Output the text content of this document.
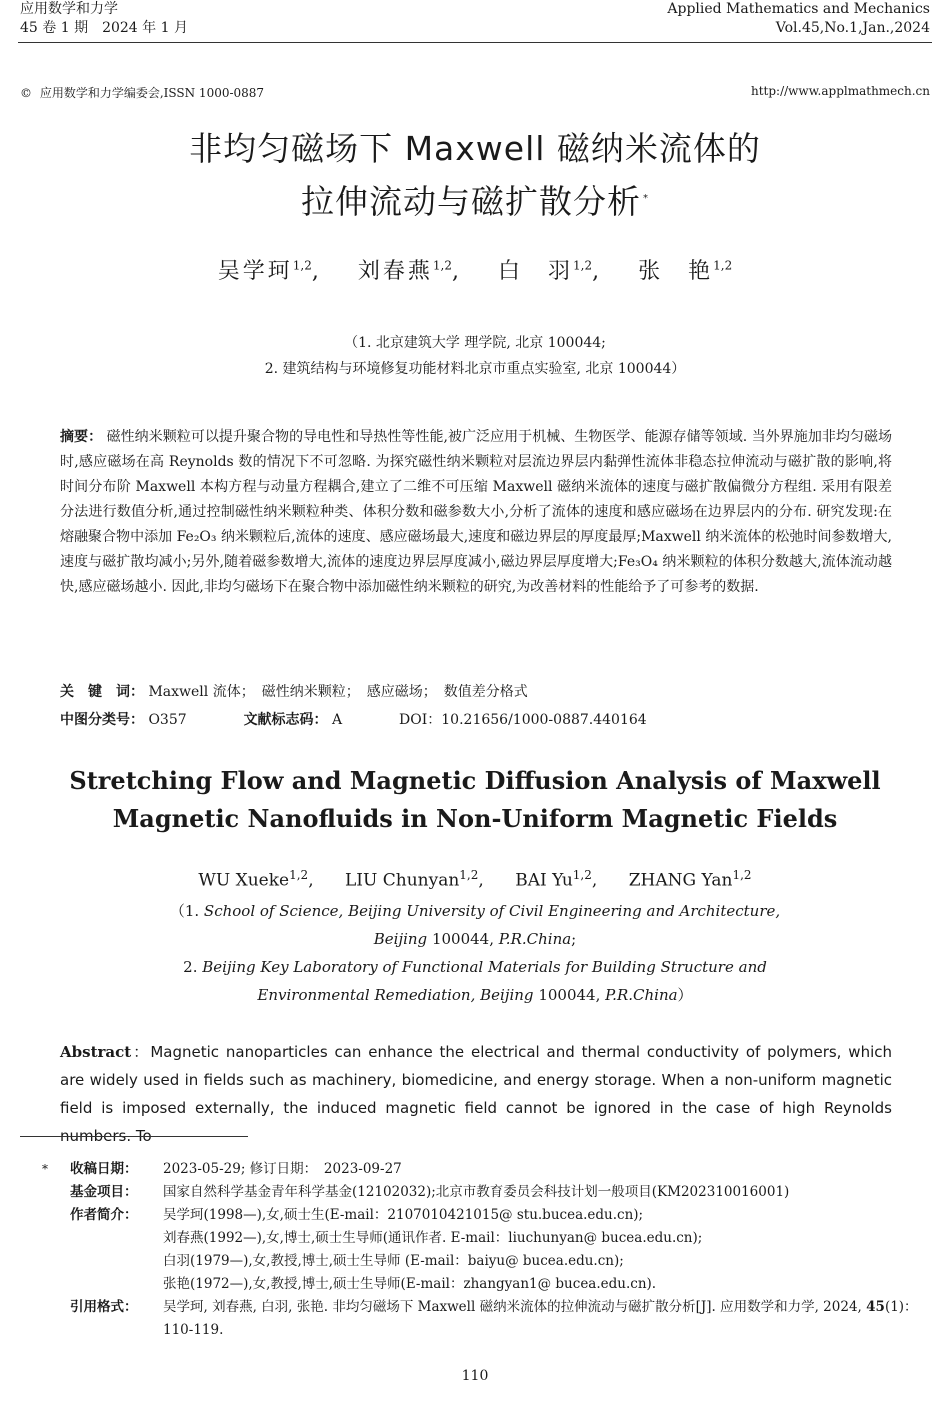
应用数学和力学
45 卷 1 期　2024 年 1 月
Applied Mathematics and Mechanics
Vol.45,No.1,Jan.,2024
© 应用数学和力学编委会,ISSN 1000-0887	http://www.applmathmech.cn
非均匀磁场下 Maxwell 磁纳米流体的
拉伸流动与磁扩散分析 *
吴学珂$^{1,2}$, 刘春燕$^{1,2}$, 白　羽$^{1,2}$, 张　艳$^{1,2}$
（1. 北京建筑大学 理学院, 北京 100044;
2. 建筑结构与环境修复功能材料北京市重点实验室, 北京 100044）
摘要： 磁性纳米颗粒可以提升聚合物的导电性和导热性等性能,被广泛应用于机械、生物医学、能源存储等领域. 当外界施加非均匀磁场时,感应磁场在高 Reynolds 数的情况下不可忽略. 为探究磁性纳米颗粒对层流边界层内黏弹性流体非稳态拉伸流动与磁扩散的影响,将时间分布阶 Maxwell 本构方程与动量方程耦合,建立了二维不可压缩 Maxwell 磁纳米流体的速度与磁扩散偏微分方程组. 采用有限差分法进行数值分析,通过控制磁性纳米颗粒种类、体积分数和磁参数大小,分析了流体的速度和感应磁场在边界层内的分布. 研究发现:在熔融聚合物中添加 Fe₂O₃ 纳米颗粒后,流体的速度、感应磁场最大,速度和磁边界层的厚度最厚;Maxwell 纳米流体的松弛时间参数增大,速度与磁扩散均减小;另外,随着磁参数增大,流体的速度边界层厚度减小,磁边界层厚度增大;Fe₃O₄ 纳米颗粒的体积分数越大,流体流动越快,感应磁场越小. 因此,非均匀磁场下在聚合物中添加磁性纳米颗粒的研究,为改善材料的性能给予了可参考的数据.
关　键　词： Maxwell 流体；　磁性纳米颗粒；　感应磁场；　数值差分格式
中图分类号： O357	文献标志码： A	DOI：10.21656/1000-0887.440164
Stretching Flow and Magnetic Diffusion Analysis of Maxwell
Magnetic Nanofluids in Non-Uniform Magnetic Fields
WU Xueke$^{1,2}$, LIU Chunyan$^{1,2}$, BAI Yu$^{1,2}$, ZHANG Yan$^{1,2}$
（1. School of Science, Beijing University of Civil Engineering and Architecture,
Beijing 100044, P.R.China;
2. Beijing Key Laboratory of Functional Materials for Building Structure and
Environmental Remediation, Beijing 100044, P.R.China）
Abstract：Magnetic nanoparticles can enhance the electrical and thermal conductivity of polymers, which are widely used in fields such as machinery, biomedicine, and energy storage. When a non-uniform magnetic field is imposed externally, the induced magnetic field cannot be ignored in the case of high Reynolds numbers. To
*	收稿日期：	2023-05-29; 修订日期：　2023-09-27
基金项目：	国家自然科学基金青年科学基金(12102032);北京市教育委员会科技计划一般项目(KM202310016001)
作者简介：	吴学珂(1998—),女,硕士生(E-mail：2107010421015@ stu.bucea.edu.cn);
刘春燕(1992—),女,博士,硕士生导师(通讯作者. E-mail：liuchunyan@ bucea.edu.cn);
白羽(1979—),女,教授,博士,硕士生导师 (E-mail：baiyu@ bucea.edu.cn);
张艳(1972—),女,教授,博士,硕士生导师(E-mail：zhangyan1@ bucea.edu.cn).
引用格式：	吴学珂, 刘春燕, 白羽, 张艳. 非均匀磁场下 Maxwell 磁纳米流体的拉伸流动与磁扩散分析[J]. 应用数学和力学, 2024, 45(1)：110-119.
110
